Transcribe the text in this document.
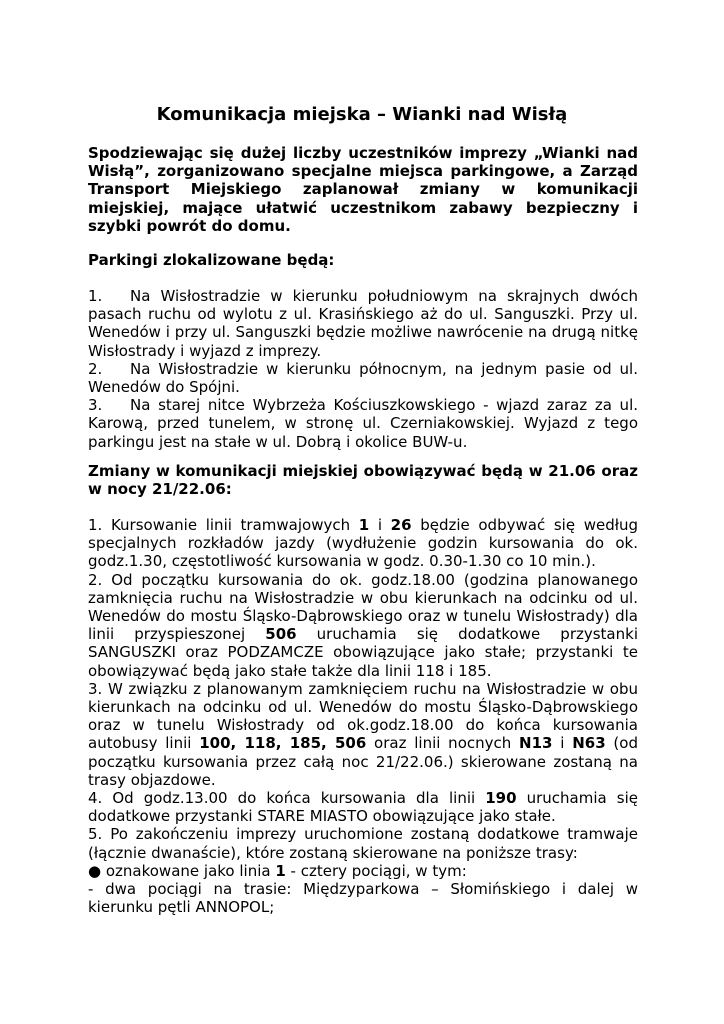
Komunikacja miejska – Wianki nad Wisłą

Spodziewając się dużej liczby uczestników imprezy „Wianki nad Wisłą”, zorganizowano specjalne miejsca parkingowe, a Zarząd Transport Miejskiego zaplanował zmiany w komunikacji miejskiej, mające ułatwić uczestnikom zabawy bezpieczny i szybki powrót do domu.

Parkingi zlokalizowane będą:

1. Na Wisłostradzie w kierunku południowym na skrajnych dwóch
pasach ruchu od wylotu z ul. Krasińskiego aż do ul. Sanguszki. Przy ul.
Wenedów i przy ul. Sanguszki będzie możliwe nawrócenie na drugą nitkę
Wisłostrady i wyjazd z imprezy.
2. Na Wisłostradzie w kierunku północnym, na jednym pasie od ul.
Wenedów do Spójni.
3. Na starej nitce Wybrzeża Kościuszkowskiego - wjazd zaraz za ul.
Karową, przed tunelem, w stronę ul. Czerniakowskiej. Wyjazd z tego
parkingu jest na stałe w ul. Dobrą i okolice BUW-u.

Zmiany w komunikacji miejskiej obowiązywać będą w 21.06 oraz w nocy 21/22.06:

1. Kursowanie linii tramwajowych 1 i 26 będzie odbywać się według specjalnych rozkładów jazdy (wydłużenie godzin kursowania do ok. godz.1.30, częstotliwość kursowania w godz. 0.30-1.30 co 10 min.).
2. Od początku kursowania do ok. godz.18.00 (godzina planowanego zamknięcia ruchu na Wisłostradzie w obu kierunkach na odcinku od ul. Wenedów do mostu Śląsko-Dąbrowskiego oraz w tunelu Wisłostrady) dla linii przyspieszonej 506 uruchamia się dodatkowe przystanki SANGUSZKI oraz PODZAMCZE obowiązujące jako stałe; przystanki te obowiązywać będą jako stałe także dla linii 118 i 185.
3. W związku z planowanym zamknięciem ruchu na Wisłostradzie w obu kierunkach na odcinku od ul. Wenedów do mostu Śląsko-Dąbrowskiego oraz w tunelu Wisłostrady od ok.godz.18.00 do końca kursowania autobusy linii 100, 118, 185, 506 oraz linii nocnych N13 i N63 (od początku kursowania przez całą noc 21/22.06.) skierowane zostaną na trasy objazdowe.
4. Od godz.13.00 do końca kursowania dla linii 190 uruchamia się dodatkowe przystanki STARE MIASTO obowiązujące jako stałe.
5. Po zakończeniu imprezy uruchomione zostaną dodatkowe tramwaje (łącznie dwanaście), które zostaną skierowane na poniższe trasy:
● oznakowane jako linia 1 - cztery pociągi, w tym:
- dwa pociągi na trasie: Międzyparkowa – Słomińskiego i dalej w kierunku pętli ANNOPOL;
